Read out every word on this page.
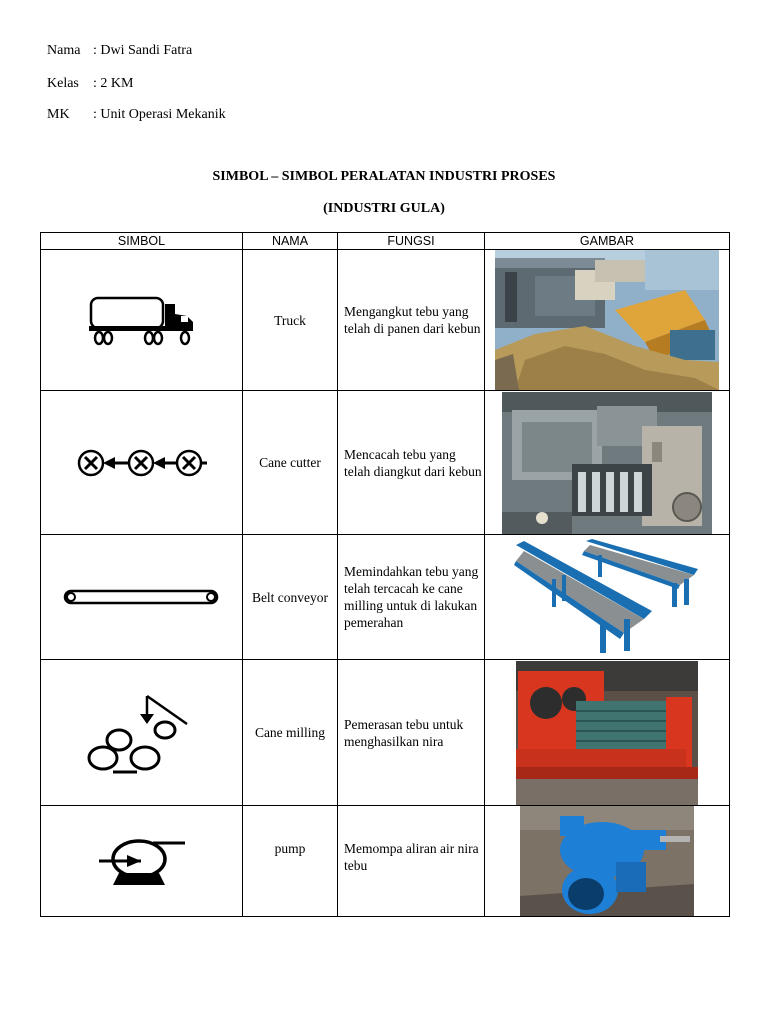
Nama : Dwi Sandi Fatra
Kelas : 2 KM
MK : Unit Operasi Mekanik
SIMBOL – SIMBOL PERALATAN INDUSTRI PROSES
(INDUSTRI GULA)
SIMBOL	NAMA	FUNGSI	GAMBAR

	Truck	Mengangkut tebu yang telah di panen dari kebun	

	Cane cutter	Mencacah tebu yang telah diangkut dari kebun	

	Belt conveyor	Memindahkan tebu yang telah tercacah ke cane milling untuk di lakukan pemerahan	

	Cane milling	Pemerasan tebu untuk menghasilkan nira	

	pump	Memompa aliran air nira tebu	
